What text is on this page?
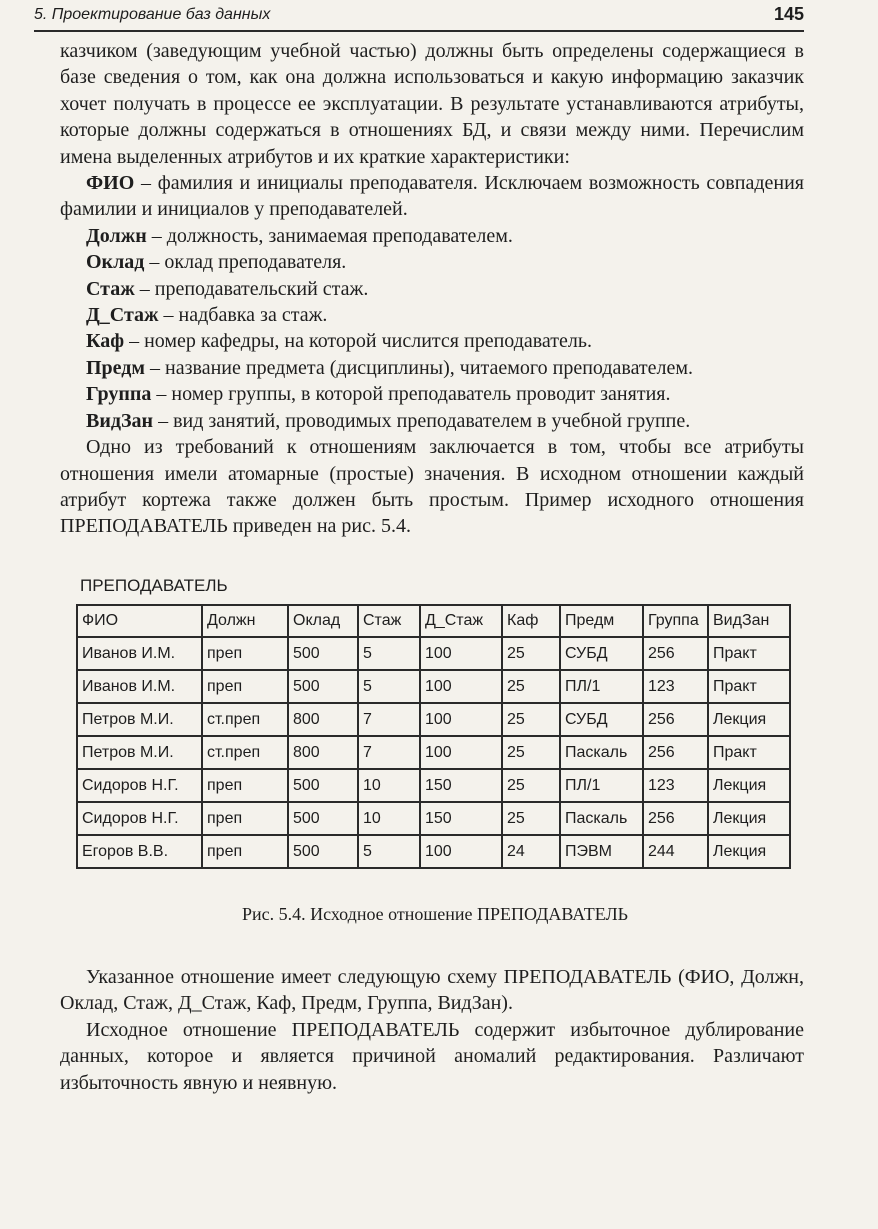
5. Проектирование баз данных	145

казчиком (заведующим учебной частью) должны быть определены содержащиеся в базе сведения о том, как она должна использоваться и какую информацию заказчик хочет получать в процессе ее эксплуатации. В результате устанавливаются атрибуты, которые должны содержаться в отношениях БД, и связи между ними. Перечислим имена выделенных атрибутов и их краткие характеристики:

ФИО – фамилия и инициалы преподавателя. Исключаем возможность совпадения фамилии и инициалов у преподавателей.

Должн – должность, занимаемая преподавателем.

Оклад – оклад преподавателя.

Стаж – преподавательский стаж.

Д_Стаж – надбавка за стаж.

Каф – номер кафедры, на которой числится преподаватель.

Предм – название предмета (дисциплины), читаемого преподавателем.

Группа – номер группы, в которой преподаватель проводит занятия.

ВидЗан – вид занятий, проводимых преподавателем в учебной группе.

Одно из требований к отношениям заключается в том, чтобы все атрибуты отношения имели атомарные (простые) значения. В исходном отношении каждый атрибут кортежа также должен быть простым. Пример исходного отношения ПРЕПОДАВАТЕЛЬ приведен на рис. 5.4.

ПРЕПОДАВАТЕЛЬ
ФИО	Должн	Оклад	Стаж	Д_Стаж	Каф	Предм	Группа	ВидЗан
Иванов И.М.	преп	500	5	100	25	СУБД	256	Практ
Иванов И.М.	преп	500	5	100	25	ПЛ/1	123	Практ
Петров М.И.	ст.преп	800	7	100	25	СУБД	256	Лекция
Петров М.И.	ст.преп	800	7	100	25	Паскаль	256	Практ
Сидоров Н.Г.	преп	500	10	150	25	ПЛ/1	123	Лекция
Сидоров Н.Г.	преп	500	10	150	25	Паскаль	256	Лекция
Егоров В.В.	преп	500	5	100	24	ПЭВМ	244	Лекция
Рис. 5.4. Исходное отношение ПРЕПОДАВАТЕЛЬ

Указанное отношение имеет следующую схему ПРЕПОДАВАТЕЛЬ (ФИО, Должн, Оклад, Стаж, Д_Стаж, Каф, Предм, Группа, ВидЗан).

Исходное отношение ПРЕПОДАВАТЕЛЬ содержит избыточное дублирование данных, которое и является причиной аномалий редактирования. Различают избыточность явную и неявную.
